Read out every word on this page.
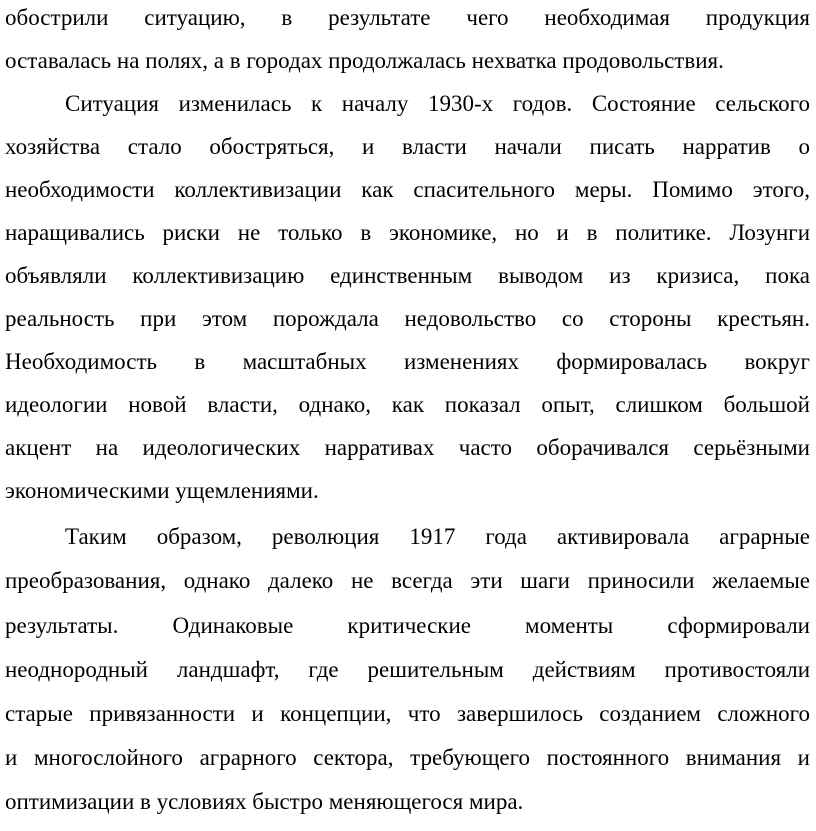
обострили ситуацию, в результате чего необходимая продукция
оставалась на полях, а в городах продолжалась нехватка продовольствия.
Ситуация изменилась к началу 1930-х годов. Состояние сельского
хозяйства стало обостряться, и власти начали писать нарратив о
необходимости коллективизации как спасительного меры. Помимо этого,
наращивались риски не только в экономике, но и в политике. Лозунги
объявляли коллективизацию единственным выводом из кризиса, пока
реальность при этом порождала недовольство со стороны крестьян.
Необходимость в масштабных изменениях формировалась вокруг
идеологии новой власти, однако, как показал опыт, слишком большой
акцент на идеологических нарративах часто оборачивался серьёзными
экономическими ущемлениями.
Таким образом, революция 1917 года активировала аграрные
преобразования, однако далеко не всегда эти шаги приносили желаемые
результаты. Одинаковые критические моменты сформировали
неоднородный ландшафт, где решительным действиям противостояли
старые привязанности и концепции, что завершилось созданием сложного
и многослойного аграрного сектора, требующего постоянного внимания и
оптимизации в условиях быстро меняющегося мира.
